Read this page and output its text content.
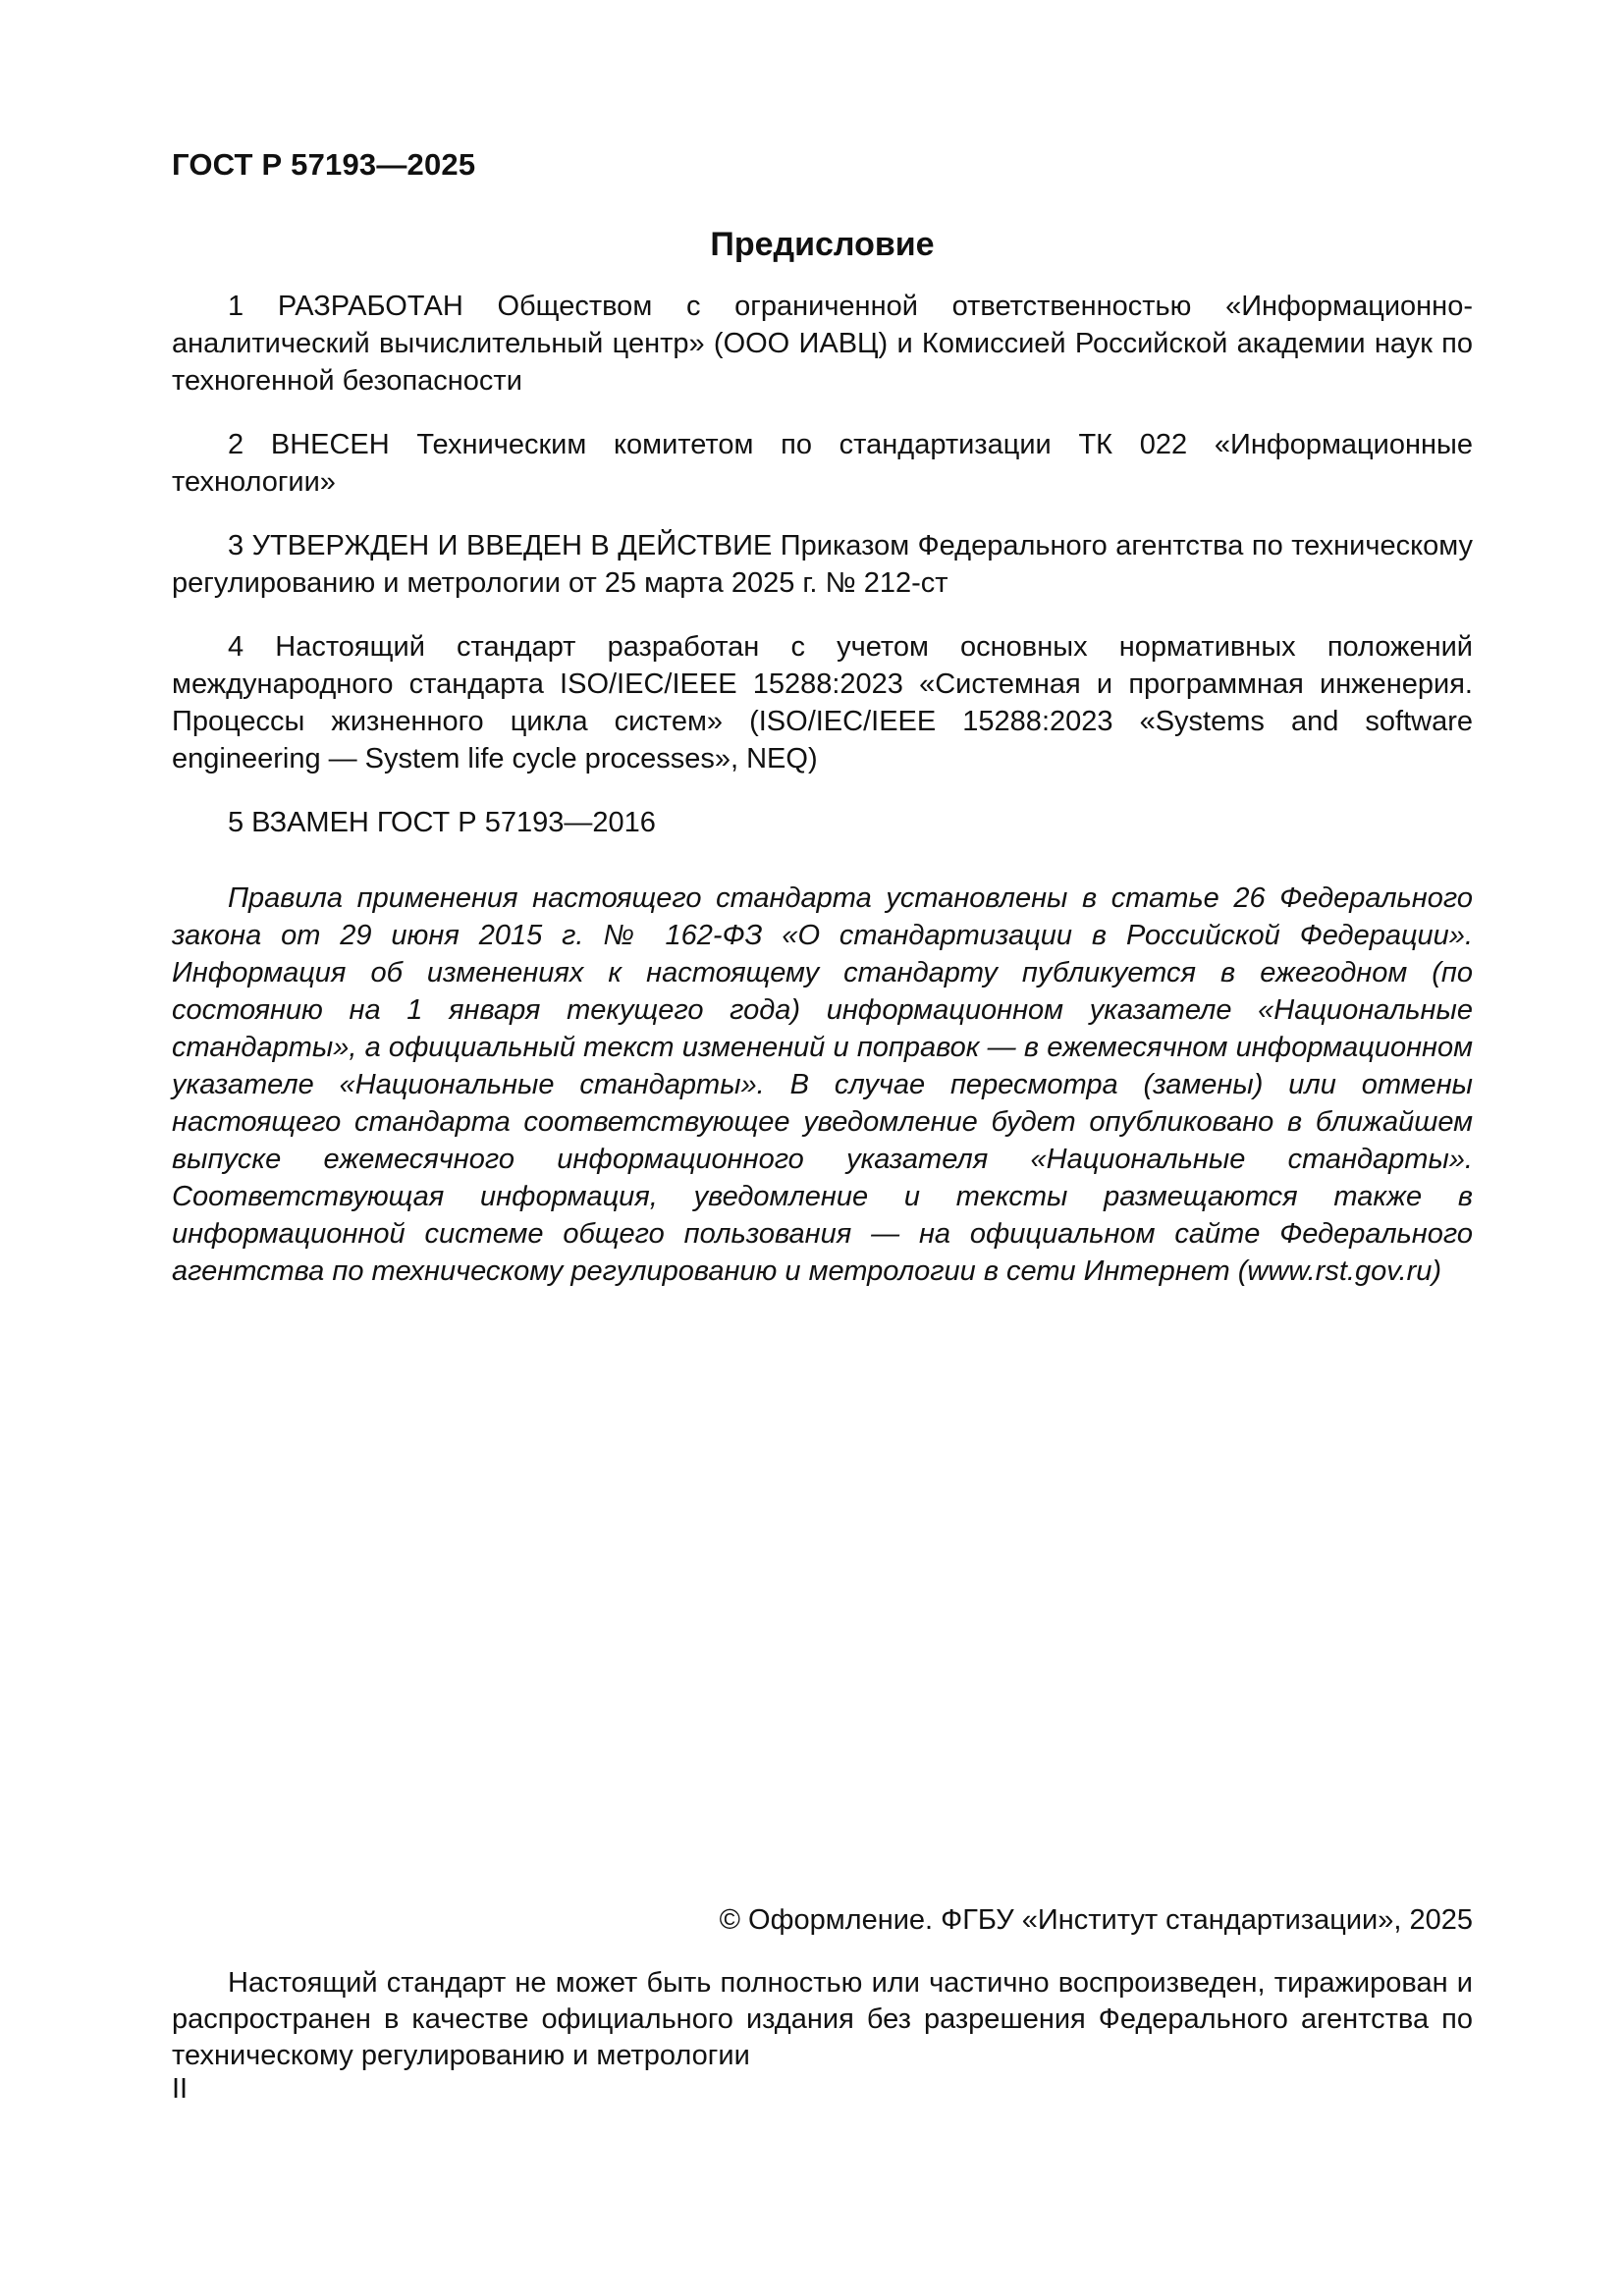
ГОСТ Р 57193—2025
Предисловие

1 РАЗРАБОТАН Обществом с ограниченной ответственностью «Информационно-аналитический вычислительный центр» (ООО ИАВЦ) и Комиссией Российской академии наук по техногенной безопасности

2 ВНЕСЕН Техническим комитетом по стандартизации ТК 022 «Информационные технологии»

3 УТВЕРЖДЕН И ВВЕДЕН В ДЕЙСТВИЕ Приказом Федерального агентства по техническому регулированию и метрологии от 25 марта 2025 г. № 212-ст

4 Настоящий стандарт разработан с учетом основных нормативных положений международного стандарта ISO/IEC/IEEE 15288:2023 «Системная и программная инженерия. Процессы жизненного цикла систем» (ISO/IEC/IEEE 15288:2023 «Systems and software engineering — System life cycle processes», NEQ)

5 ВЗАМЕН ГОСТ Р 57193—2016

Правила применения настоящего стандарта установлены в статье 26 Федерального закона от 29 июня 2015 г. № 162-ФЗ «О стандартизации в Российской Федерации». Информация об изменениях к настоящему стандарту публикуется в ежегодном (по состоянию на 1 января текущего года) информационном указателе «Национальные стандарты», а официальный текст изменений и поправок — в ежемесячном информационном указателе «Национальные стандарты». В случае пересмотра (замены) или отмены настоящего стандарта соответствующее уведомление будет опубликовано в ближайшем выпуске ежемесячного информационного указателя «Национальные стандарты». Соответствующая информация, уведомление и тексты размещаются также в информационной системе общего пользования — на официальном сайте Федерального агентства по техническому регулированию и метрологии в сети Интернет (www.rst.gov.ru)
© Оформление. ФГБУ «Институт стандартизации», 2025
Настоящий стандарт не может быть полностью или частично воспроизведен, тиражирован и распространен в качестве официального издания без разрешения Федерального агентства по техническому регулированию и метрологии
II
